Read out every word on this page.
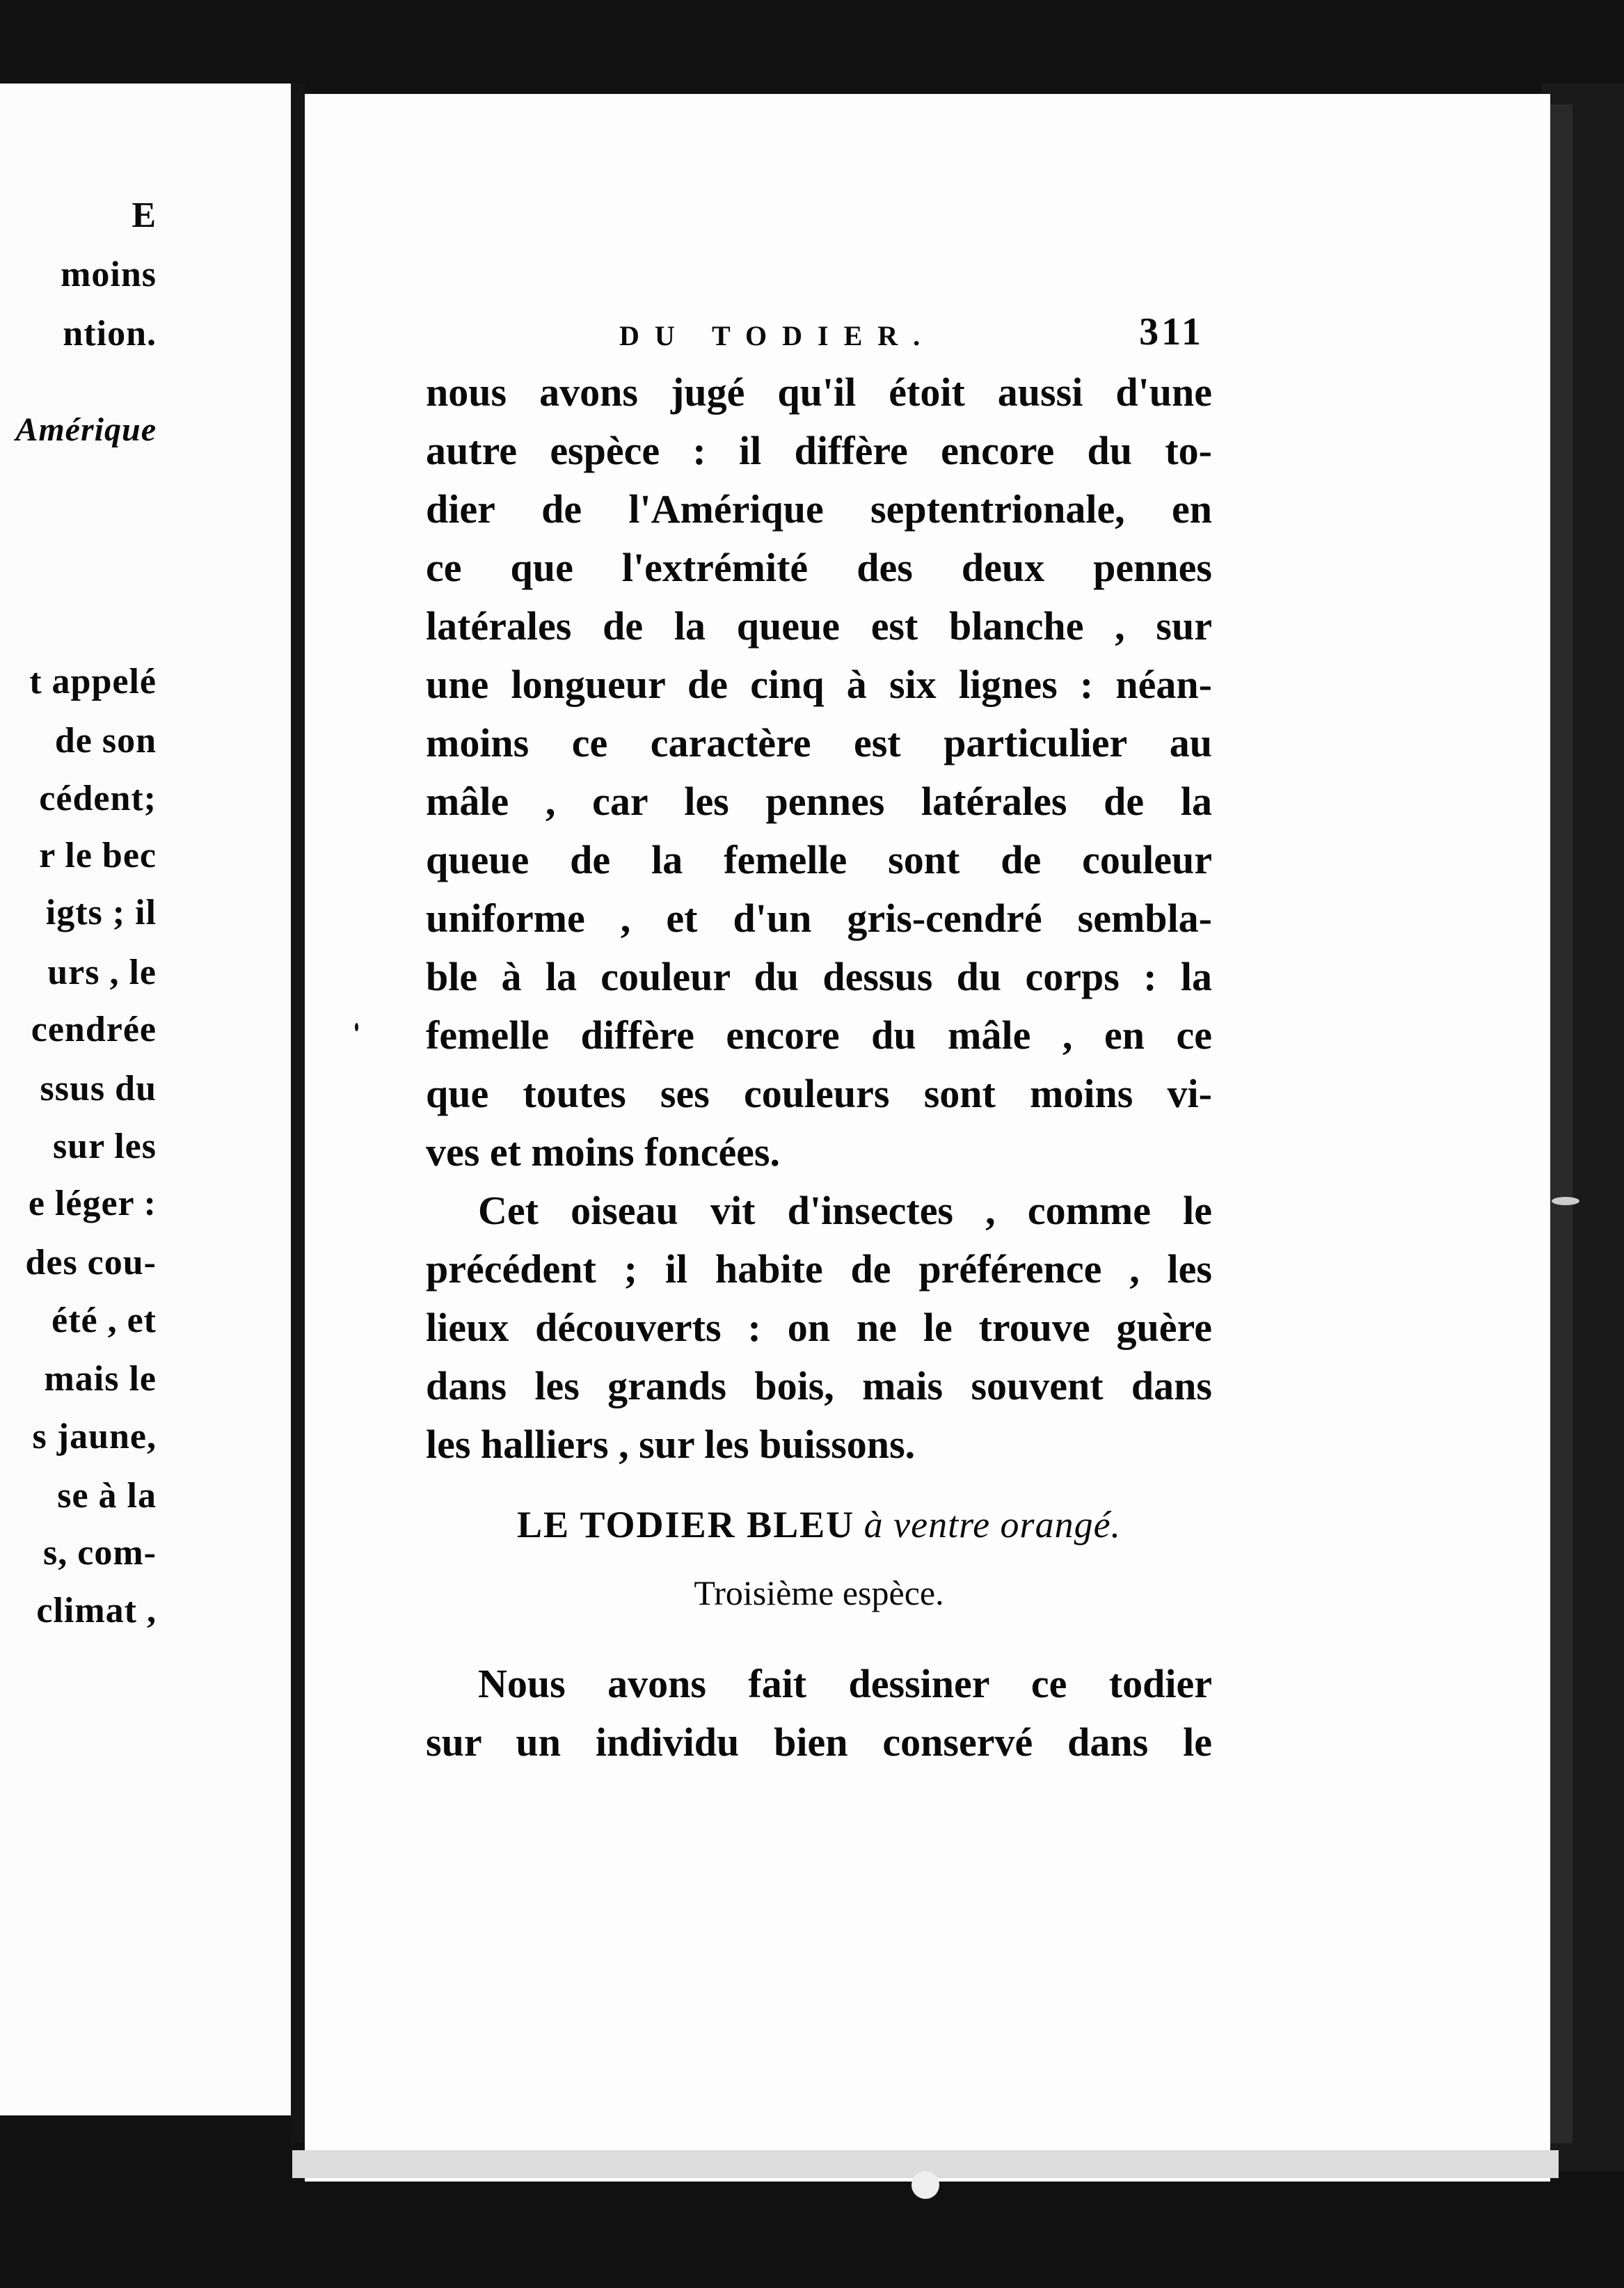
E
moins
ntion.
Amérique
t appelé
de son
cédent;
r le bec
igts ; il
urs , le
cendrée
ssus du
sur les
e léger :
des cou-
été , et
mais le
s jaune,
se à la
s, com-
climat ,
DU TODIER.	311
nous avons jugé qu'il étoit aussi d'une
autre espèce : il diffère encore du to-
dier de l'Amérique septentrionale, en
ce que l'extrémité des deux pennes
latérales de la queue est blanche , sur
une longueur de cinq à six lignes : néan-
moins ce caractère est particulier au
mâle , car les pennes latérales de la
queue de la femelle sont de couleur
uniforme , et d'un gris-cendré sembla-
ble à la couleur du dessus du corps : la
femelle diffère encore du mâle , en ce
que toutes ses couleurs sont moins vi-
ves et moins foncées.
Cet oiseau vit d'insectes , comme le
précédent ; il habite de préférence , les
lieux découverts : on ne le trouve guère
dans les grands bois, mais souvent dans
les halliers , sur les buissons.
LE TODIER BLEU à ventre orangé.
Troisième espèce.
Nous avons fait dessiner ce todier
sur un individu bien conservé dans le
